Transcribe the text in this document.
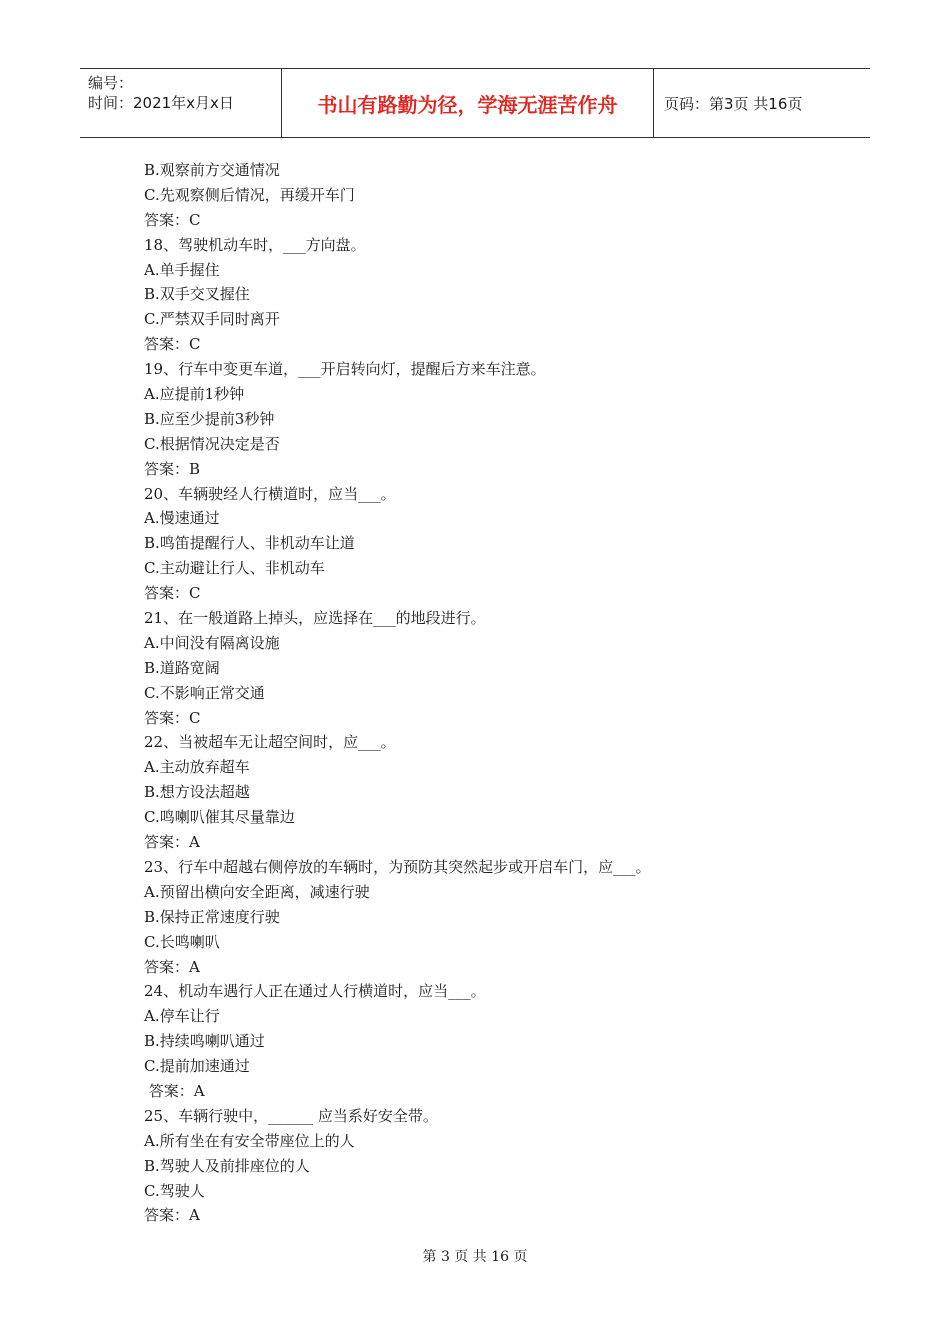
编号：
时间：2021年x月x日	书山有路勤为径，学海无涯苦作舟	页码：第3页 共16页
B.观察前方交通情况
C.先观察侧后情况，再缓开车门
答案：C
18、驾驶机动车时，___方向盘。
A.单手握住
B.双手交叉握住
C.严禁双手同时离开
答案：C
19、行车中变更车道，___开启转向灯，提醒后方来车注意。
A.应提前1秒钟
B.应至少提前3秒钟
C.根据情况决定是否
答案：B
20、车辆驶经人行横道时，应当___。
A.慢速通过
B.鸣笛提醒行人、非机动车让道
C.主动避让行人、非机动车
答案：C
21、在一般道路上掉头，应选择在___的地段进行。
A.中间没有隔离设施
B.道路宽阔
C.不影响正常交通
答案：C
22、当被超车无让超空间时，应___。
A.主动放弃超车
B.想方设法超越
C.鸣喇叭催其尽量靠边
答案：A
23、行车中超越右侧停放的车辆时，为预防其突然起步或开启车门，应___。
A.预留出横向安全距离，减速行驶
B.保持正常速度行驶
C.长鸣喇叭
答案：A
24、机动车遇行人正在通过人行横道时，应当___。
A.停车让行
B.持续鸣喇叭通过
C.提前加速通过
答案：A
25、车辆行驶中，______ 应当系好安全带。
A.所有坐在有安全带座位上的人
B.驾驶人及前排座位的人
C.驾驶人
答案：A
第 3 页 共 16 页
